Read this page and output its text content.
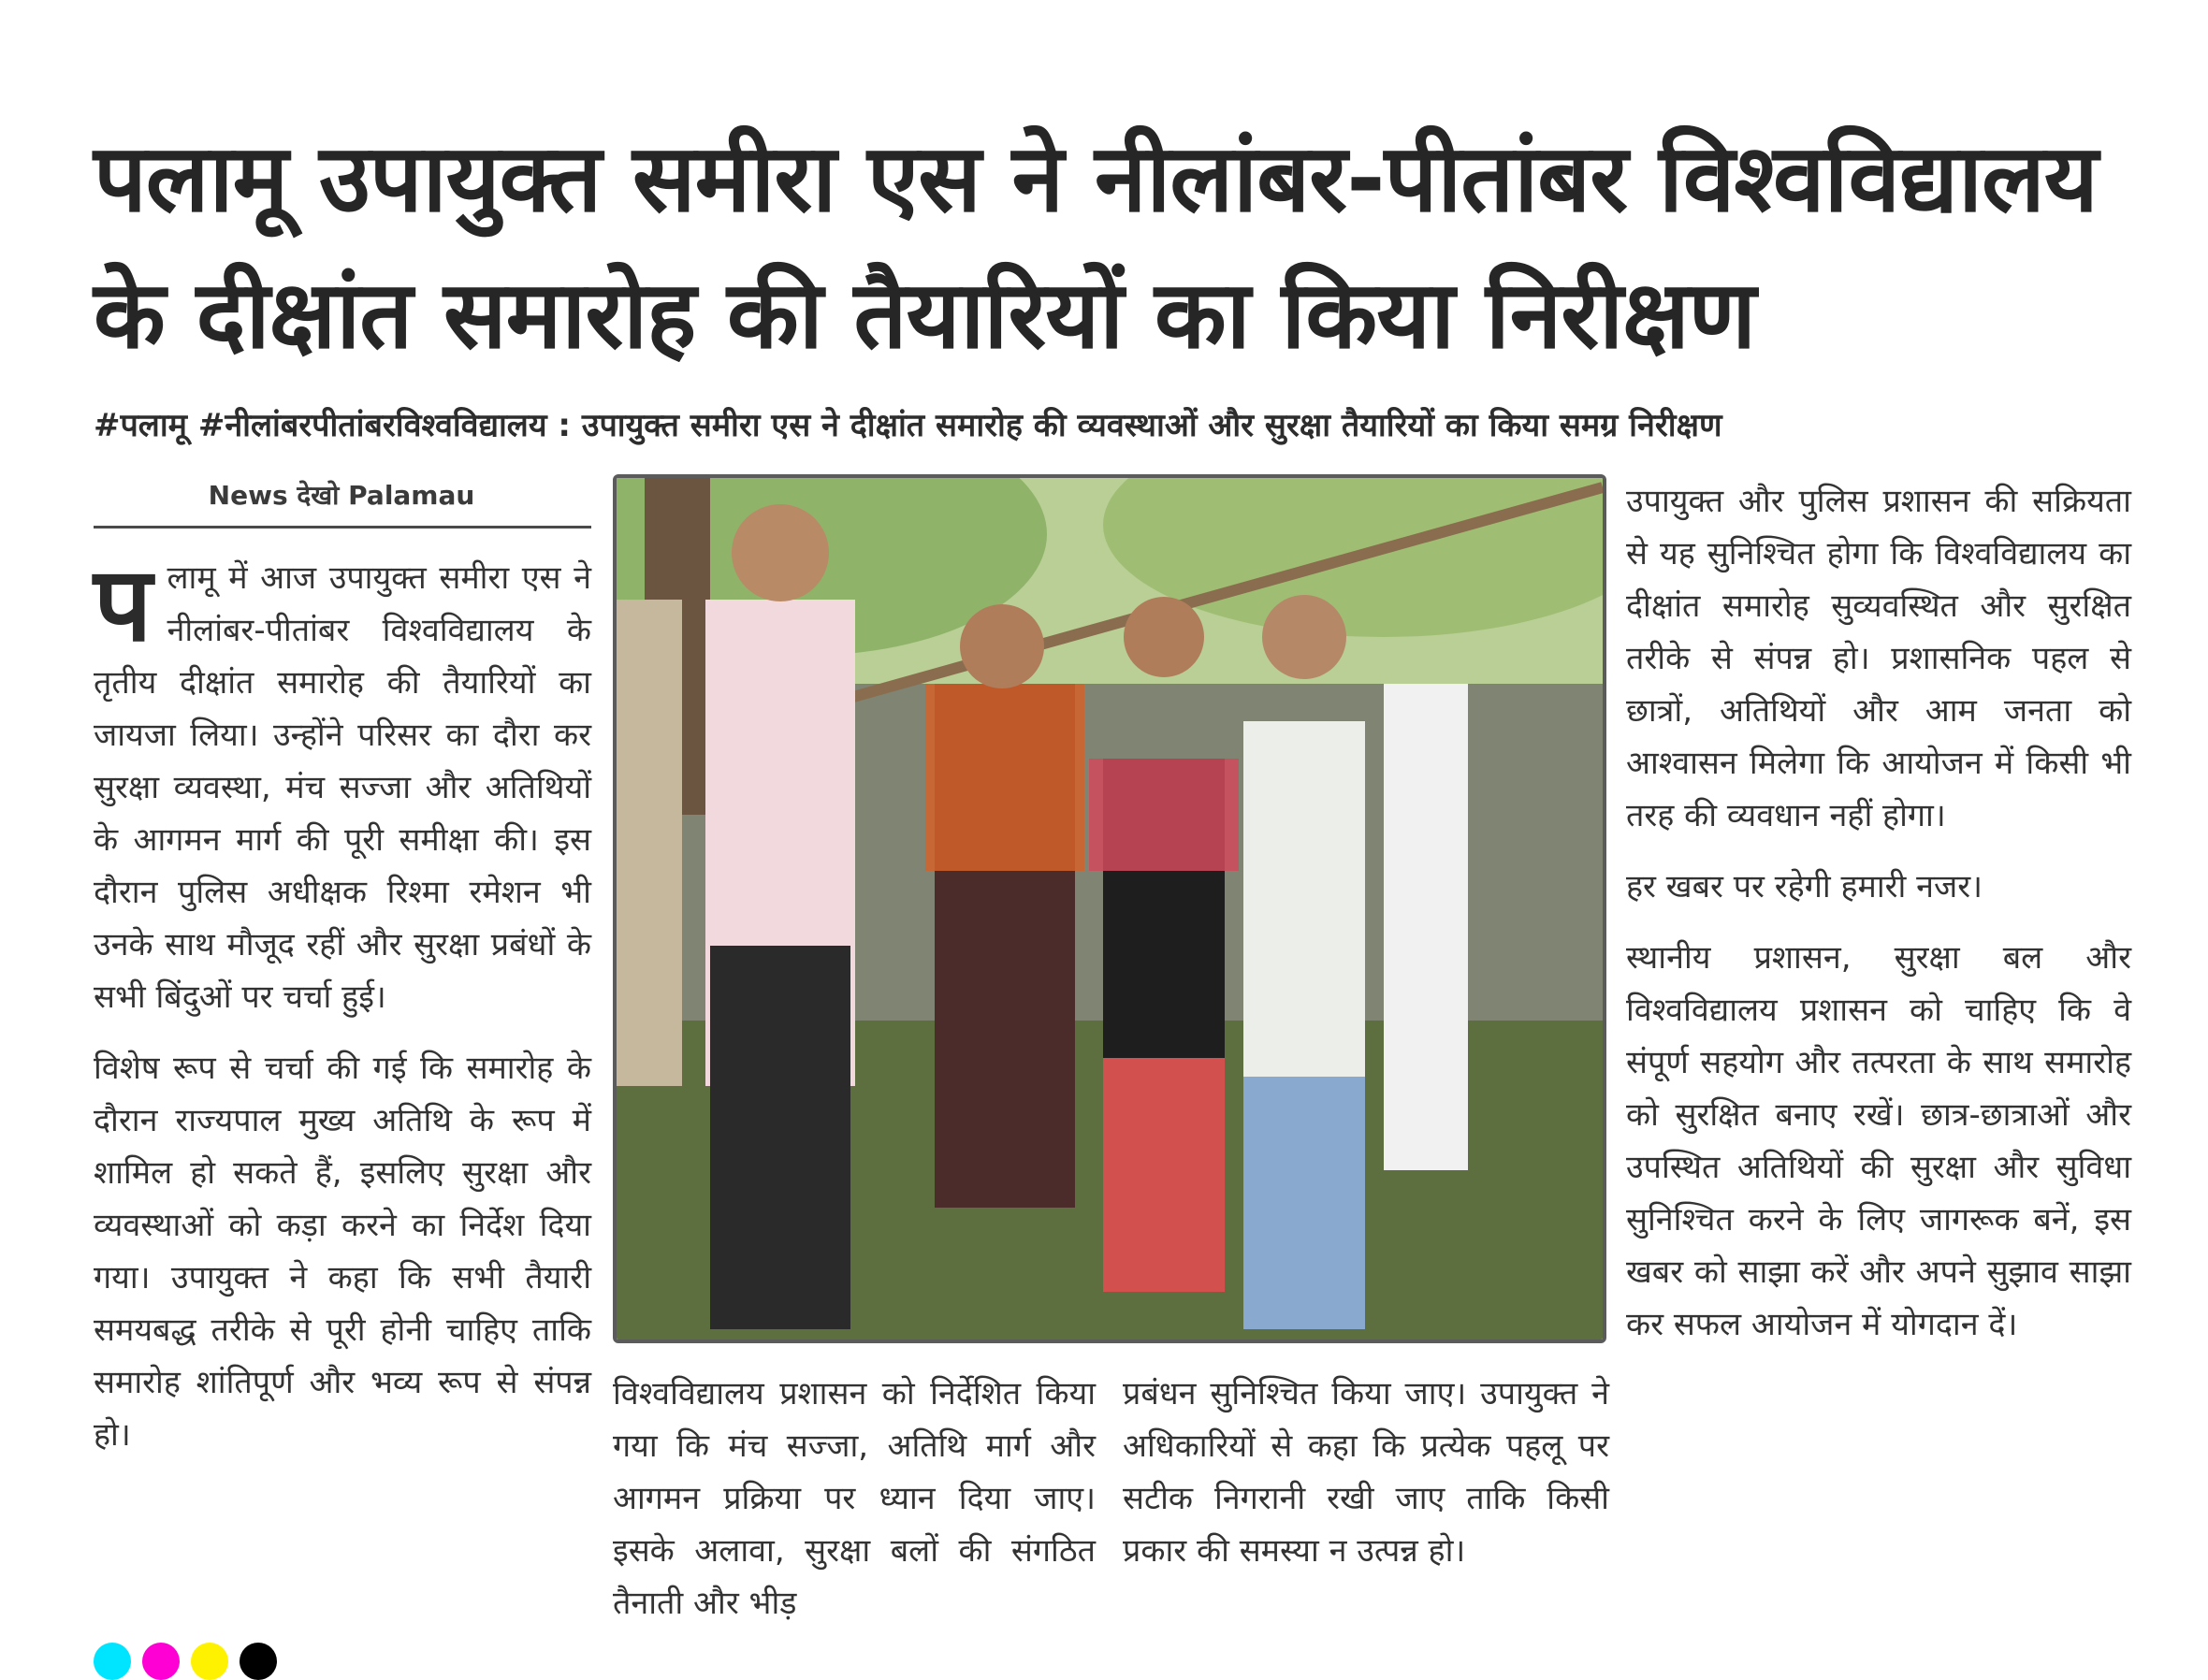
पलामू उपायुक्त समीरा एस ने नीलांबर-पीतांबर विश्वविद्यालय
के दीक्षांत समारोह की तैयारियों का किया निरीक्षण
#पलामू #नीलांबरपीतांबरविश्वविद्यालय : उपायुक्त समीरा एस ने दीक्षांत समारोह की व्यवस्थाओं और सुरक्षा तैयारियों का किया समग्र निरीक्षण
News देखो Palamau

पलामू में आज उपायुक्त समीरा एस ने नीलांबर-पीतांबर विश्वविद्यालय के तृतीय दीक्षांत समारोह की तैयारियों का जायजा लिया। उन्होंने परिसर का दौरा कर सुरक्षा व्यवस्था, मंच सज्जा और अतिथियों के आगमन मार्ग की पूरी समीक्षा की। इस दौरान पुलिस अधीक्षक रिश्मा रमेशन भी उनके साथ मौजूद रहीं और सुरक्षा प्रबंधों के सभी बिंदुओं पर चर्चा हुई।

विशेष रूप से चर्चा की गई कि समारोह के दौरान राज्यपाल मुख्य अतिथि के रूप में शामिल हो सकते हैं, इसलिए सुरक्षा और व्यवस्थाओं को कड़ा करने का निर्देश दिया गया। उपायुक्त ने कहा कि सभी तैयारी समयबद्ध तरीके से पूरी होनी चाहिए ताकि समारोह शांतिपूर्ण और भव्य रूप से संपन्न हो।

विश्वविद्यालय प्रशासन को निर्देशित किया गया कि मंच सज्जा, अतिथि मार्ग और आगमन प्रक्रिया पर ध्यान दिया जाए। इसके अलावा, सुरक्षा बलों की संगठित तैनाती और भीड़

प्रबंधन सुनिश्चित किया जाए। उपायुक्त ने अधिकारियों से कहा कि प्रत्येक पहलू पर सटीक निगरानी रखी जाए ताकि किसी प्रकार की समस्या न उत्पन्न हो।

उपायुक्त और पुलिस प्रशासन की सक्रियता से यह सुनिश्चित होगा कि विश्वविद्यालय का दीक्षांत समारोह सुव्यवस्थित और सुरक्षित तरीके से संपन्न हो। प्रशासनिक पहल से छात्रों, अतिथियों और आम जनता को आश्वासन मिलेगा कि आयोजन में किसी भी तरह की व्यवधान नहीं होगा।

हर खबर पर रहेगी हमारी नजर।

स्थानीय प्रशासन, सुरक्षा बल और विश्वविद्यालय प्रशासन को चाहिए कि वे संपूर्ण सहयोग और तत्परता के साथ समारोह को सुरक्षित बनाए रखें। छात्र-छात्राओं और उपस्थित अतिथियों की सुरक्षा और सुविधा सुनिश्चित करने के लिए जागरूक बनें, इस खबर को साझा करें और अपने सुझाव साझा कर सफल आयोजन में योगदान दें।
